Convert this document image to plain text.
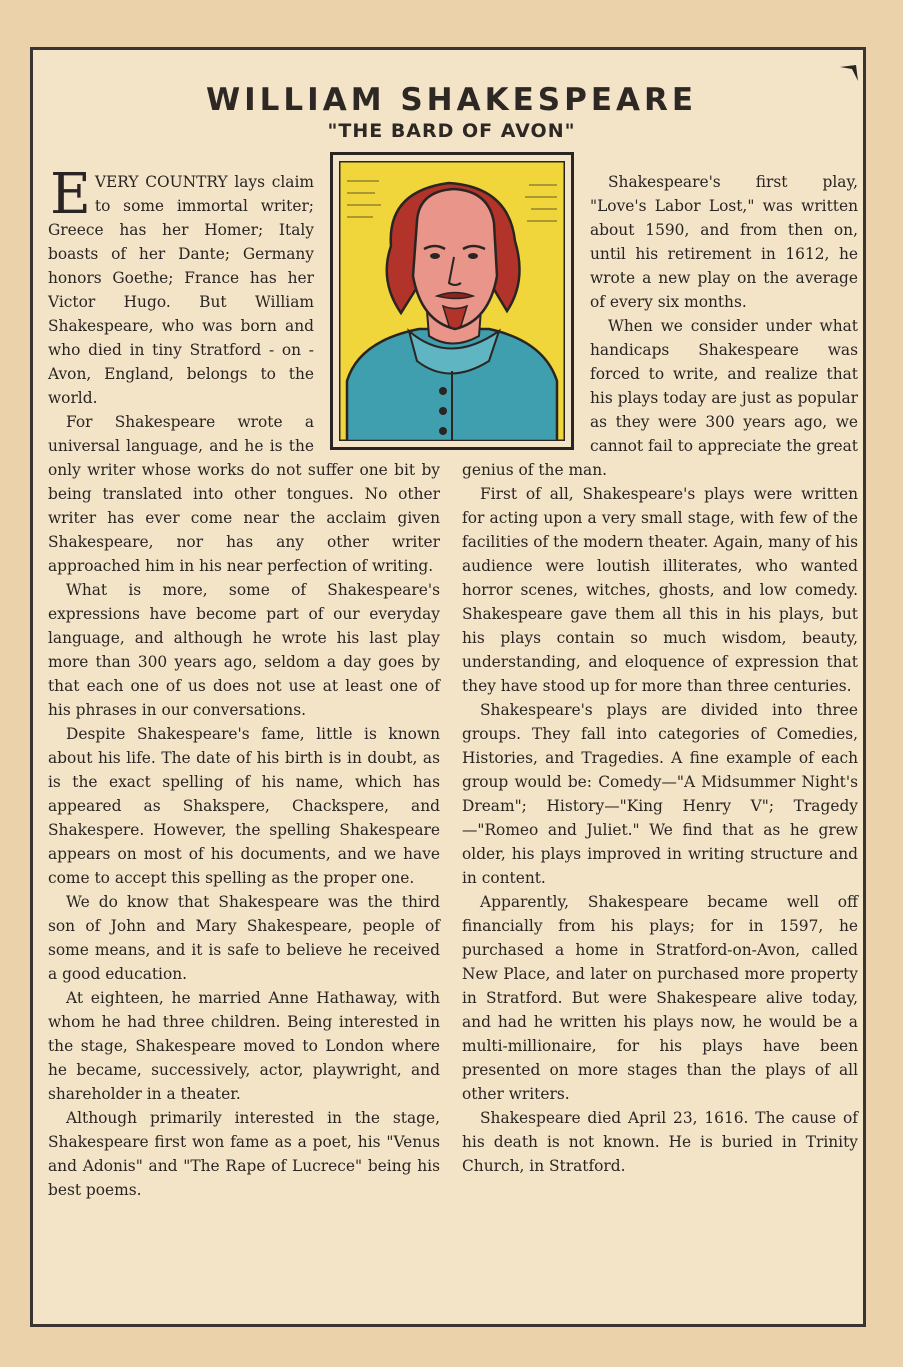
WILLIAM SHAKESPEARE
"THE BARD OF AVON"

EVERY COUNTRY lays claim to some immortal writer; Greece has her Homer; Italy boasts of her Dante; Germany honors Goethe; France has her Victor Hugo. But William Shakespeare, who was born and who died in tiny Stratford - on - Avon, England, belongs to the world.

For Shakespeare wrote a universal language, and he is the only writer whose works do not suffer one bit by being translated into other tongues. No other writer has ever come near the acclaim given Shakespeare, nor has any other writer approached him in his near perfection of writing.

What is more, some of Shakespeare's expressions have become part of our everyday language, and although he wrote his last play more than 300 years ago, seldom a day goes by that each one of us does not use at least one of his phrases in our conversations.

Despite Shakespeare's fame, little is known about his life. The date of his birth is in doubt, as is the exact spelling of his name, which has appeared as Shakspere, Chackspere, and Shakespere. However, the spelling Shakespeare appears on most of his documents, and we have come to accept this spelling as the proper one.

We do know that Shakespeare was the third son of John and Mary Shakespeare, people of some means, and it is safe to believe he received a good education.

At eighteen, he married Anne Hathaway, with whom he had three children. Being interested in the stage, Shakespeare moved to London where he became, successively, actor, playwright, and shareholder in a theater.

Although primarily interested in the stage, Shakespeare first won fame as a poet, his "Venus and Adonis" and "The Rape of Lucrece" being his best poems.

Shakespeare's first play, "Love's Labor Lost," was written about 1590, and from then on, until his retirement in 1612, he wrote a new play on the average of every six months.

When we consider under what handicaps Shakespeare was forced to write, and realize that his plays today are just as popular as they were 300 years ago, we cannot fail to appreciate the great genius of the man.

First of all, Shakespeare's plays were written for acting upon a very small stage, with few of the facilities of the modern theater. Again, many of his audience were loutish illiterates, who wanted horror scenes, witches, ghosts, and low comedy. Shakespeare gave them all this in his plays, but his plays contain so much wisdom, beauty, understanding, and eloquence of expression that they have stood up for more than three centuries.

Shakespeare's plays are divided into three groups. They fall into categories of Comedies, Histories, and Tragedies. A fine example of each group would be: Comedy—"A Midsummer Night's Dream"; History—"King Henry V"; Tragedy—"Romeo and Juliet." We find that as he grew older, his plays improved in writing structure and in content.

Apparently, Shakespeare became well off financially from his plays; for in 1597, he purchased a home in Stratford-on-Avon, called New Place, and later on purchased more property in Stratford. But were Shakespeare alive today, and had he written his plays now, he would be a multi-millionaire, for his plays have been presented on more stages than the plays of all other writers.

Shakespeare died April 23, 1616. The cause of his death is not known. He is buried in Trinity Church, in Stratford.
